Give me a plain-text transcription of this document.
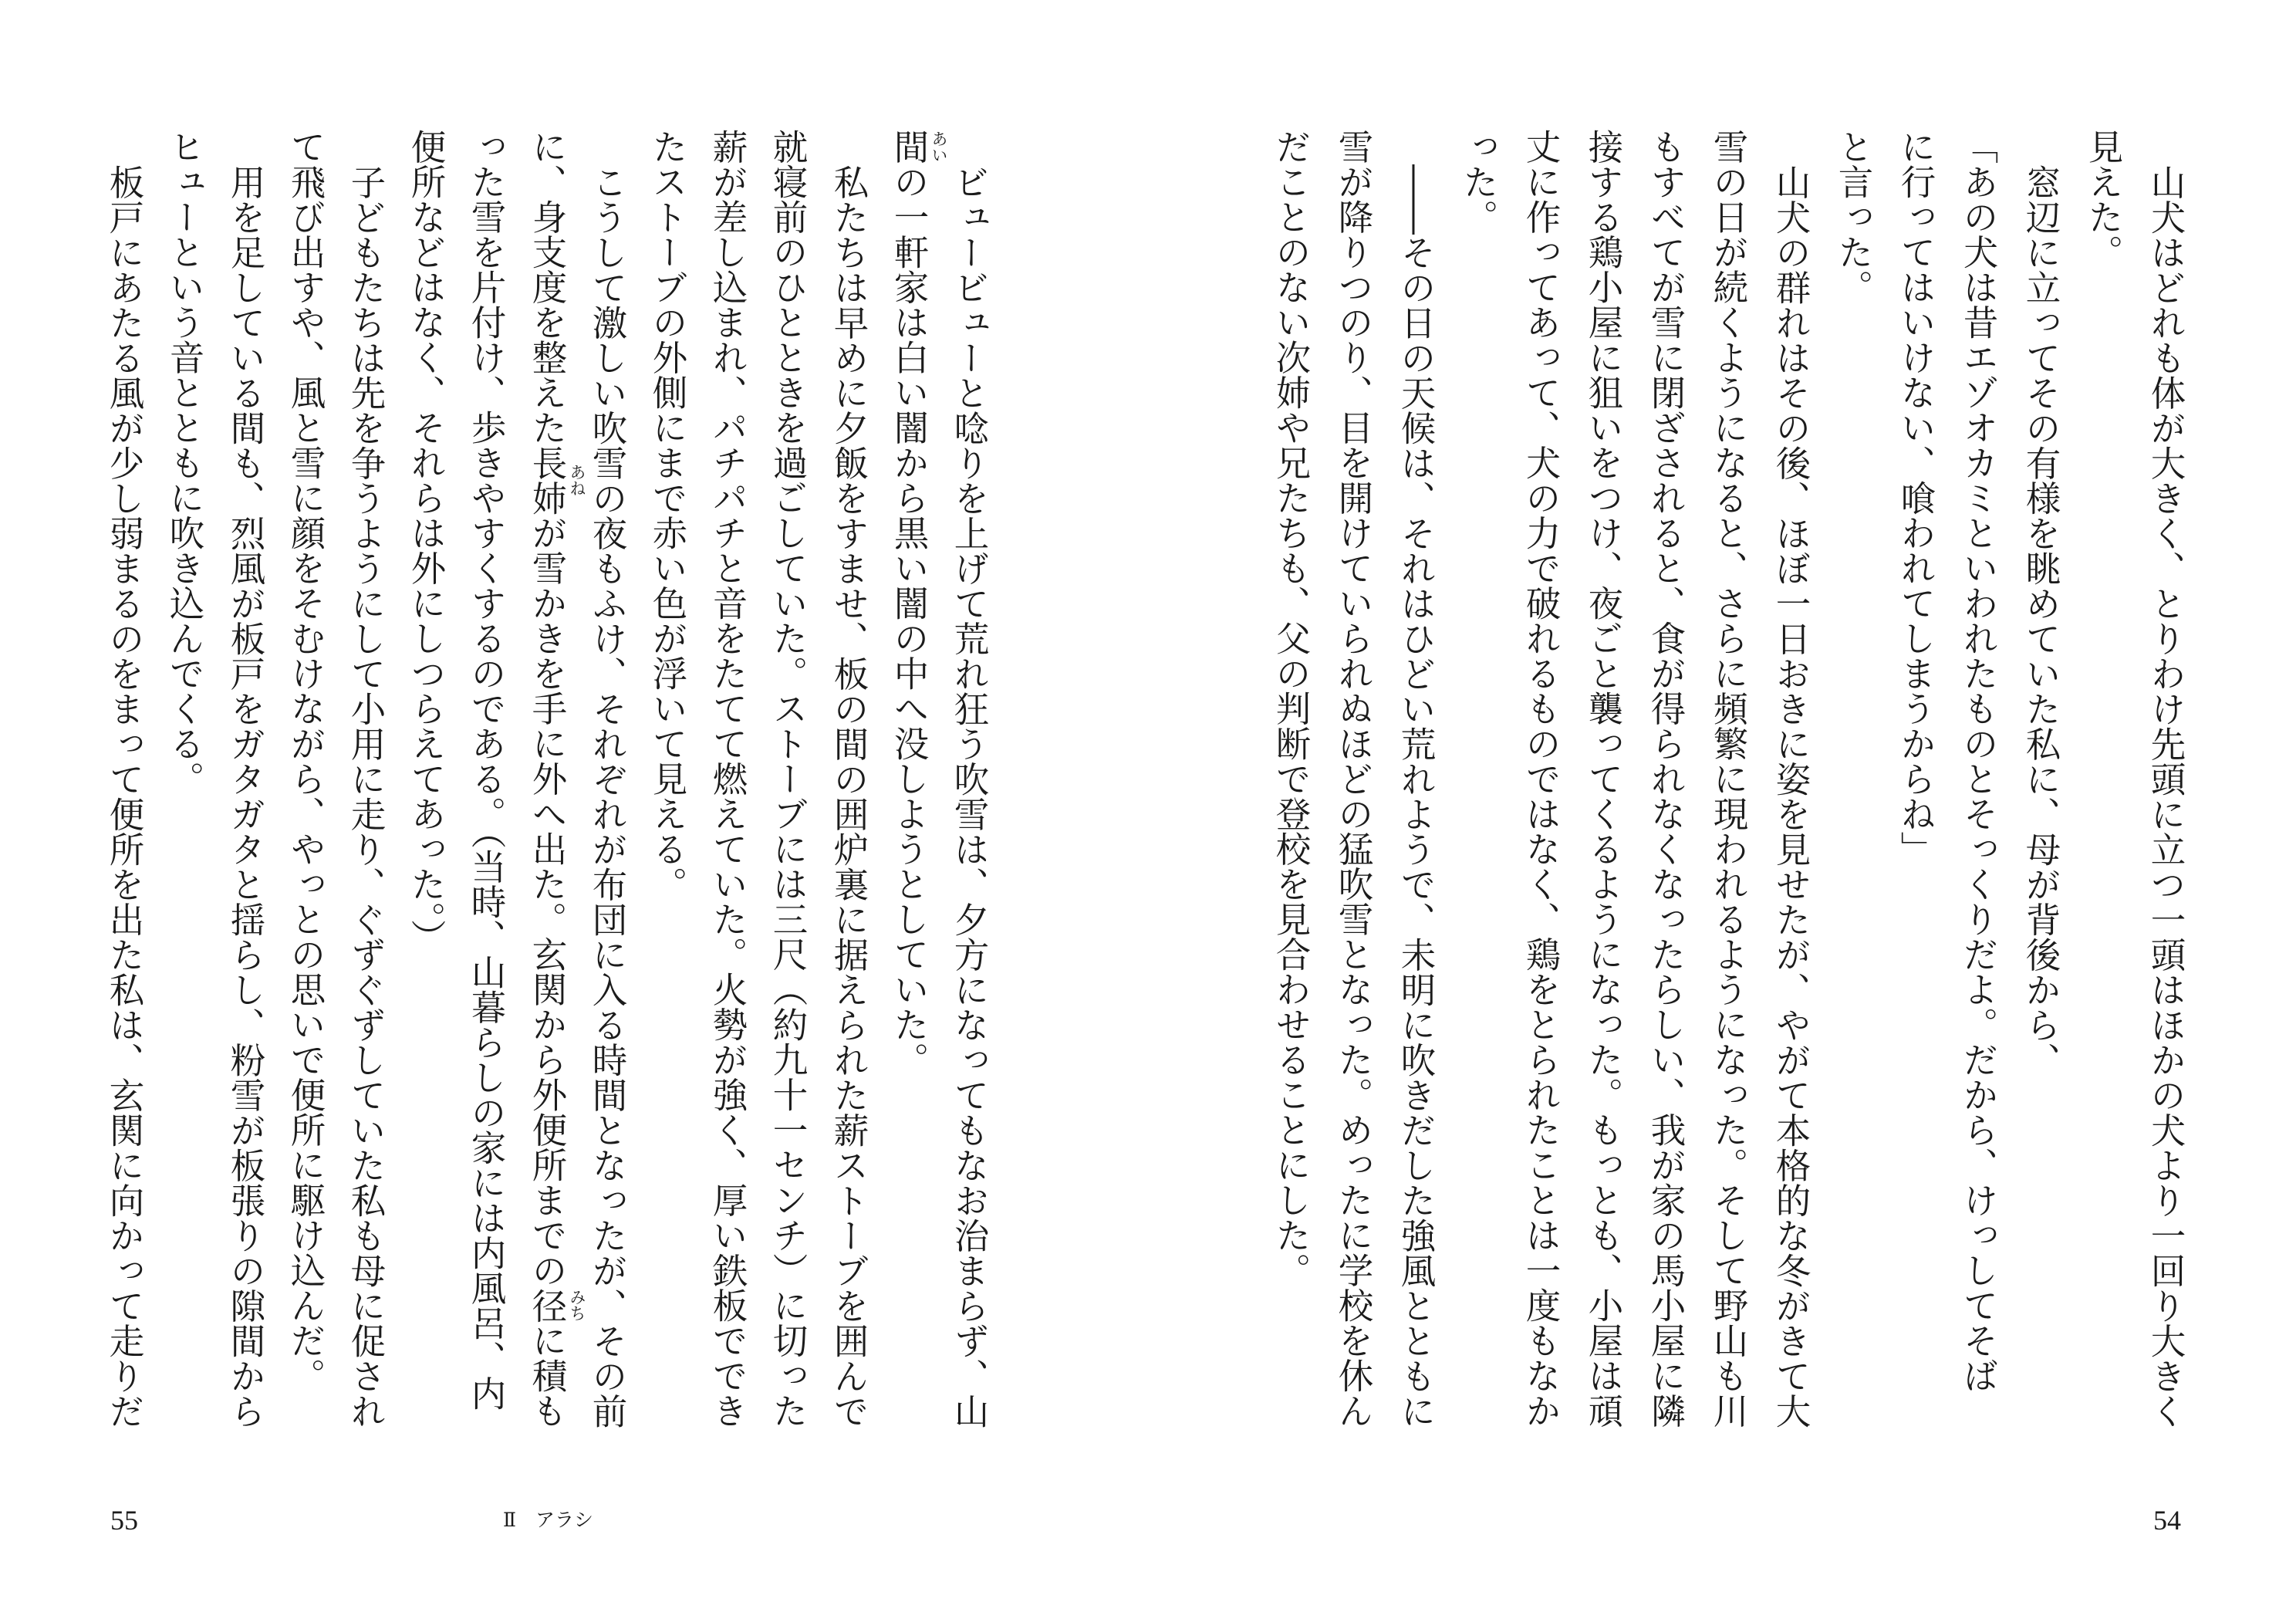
山犬はどれも体が大きく、とりわけ先頭に立つ一頭はほかの犬より一回り大きく
見えた。
窓辺に立ってその有様を眺めていた私に、母が背後から、
「あの犬は昔エゾオカミといわれたものとそっくりだよ。だから、けっしてそば
に行ってはいけない、喰われてしまうからね」
と言った。
山犬の群れはその後、ほぼ一日おきに姿を見せたが、やがて本格的な冬がきて大
雪の日が続くようになると、さらに頻繁に現われるようになった。そして野山も川
もすべてが雪に閉ざされると、食が得られなくなったらしい、我が家の馬小屋に隣
接する鶏小屋に狙いをつけ、夜ごと襲ってくるようになった。もっとも、小屋は頑
丈に作ってあって、犬の力で破れるものではなく、鶏をとられたことは一度もなか
った。
――その日の天候は、それはひどい荒れようで、未明に吹きだした強風とともに
雪が降りつのり、目を開けていられぬほどの猛吹雪となった。めったに学校を休ん
だことのない次姉や兄たちも、父の判断で登校を見合わせることにした。
54
ビュービューと唸りを上げて荒れ狂う吹雪は、夕方になってもなお治まらず、山
間 あい
の一軒家は白い闇から黒い闇の中へ没しようとしていた。
私たちは早めに夕飯をすませ、板の間の囲炉裏に据えられた薪ストーブを囲んで
就寝前のひとときを過ごしていた。ストーブには三尺（約九十一センチ）に切った
薪が差し込まれ、パチパチと音をたてて燃えていた。火勢が強く、厚い鉄板ででき
たストーブの外側にまで赤い色が浮いて見える。
こうして激しい吹雪の夜もふけ、それぞれが布団に入る時間となったが、その前
に、身支度を整えた長姉 あね
が雪かきを手に外へ出た。玄関から外便所までの径 みち
に積も
った雪を片付け、歩きやすくするのである。（当時、山暮らしの家には内風呂、内
便所などはなく、それらは外にしつらえてあった。）
子どもたちは先を争うようにして小用に走り、ぐずぐずしていた私も母に促され
て飛び出すや、風と雪に顔をそむけながら、やっとの思いで便所に駆け込んだ。
用を足している間も、烈風が板戸をガタガタと揺らし、粉雪が板張りの隙間から
ヒューという音とともに吹き込んでくる。
板戸にあたる風が少し弱まるのをまって便所を出た私は、玄関に向かって走りだ
55	Ⅱ　アラシ
